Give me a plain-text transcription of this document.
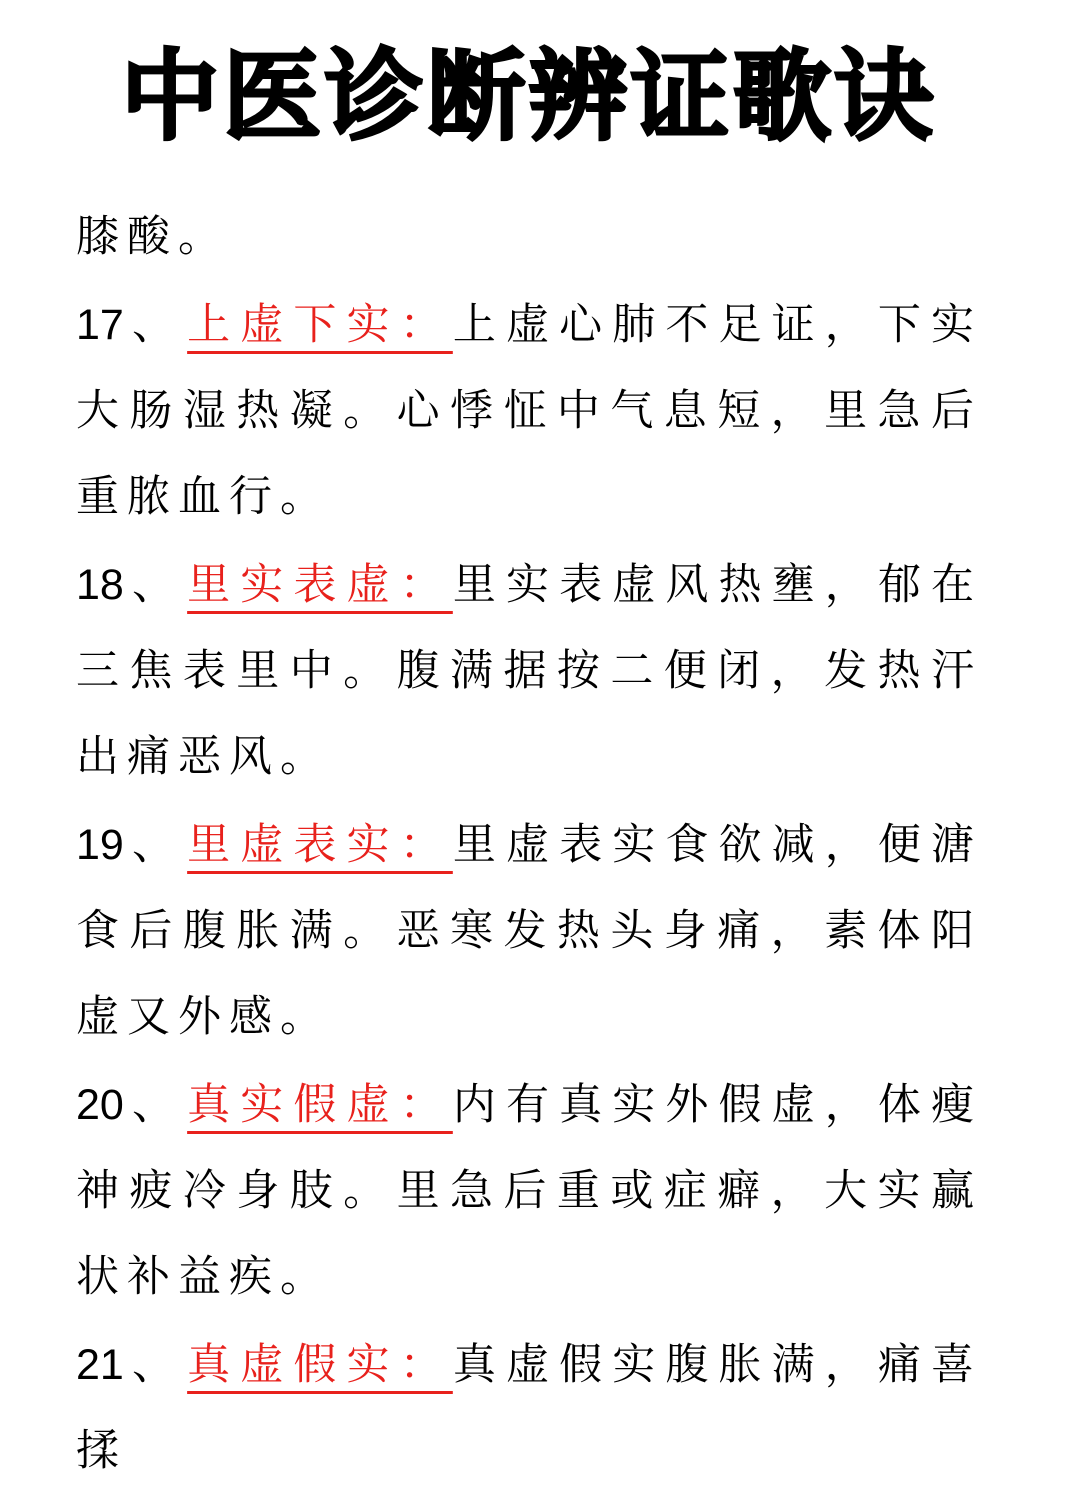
中医诊断辨证歌诀

膝酸。

17 、上虚下实：上虚心肺不足证，下实大肠湿热凝。心悸怔中气息短，里急后重脓血行。

18 、里实表虚：里实表虚风热壅，郁在三焦表里中。腹满据按二便闭，发热汗出痛恶风。

19 、里虚表实：里虚表实食欲减，便溏食后腹胀满。恶寒发热头身痛，素体阳虚又外感。

20 、真实假虚：内有真实外假虚，体瘦神疲冷身肢。里急后重或症癖，大实赢状补益疾。

21 、真虚假实：真虚假实腹胀满，痛喜揉
